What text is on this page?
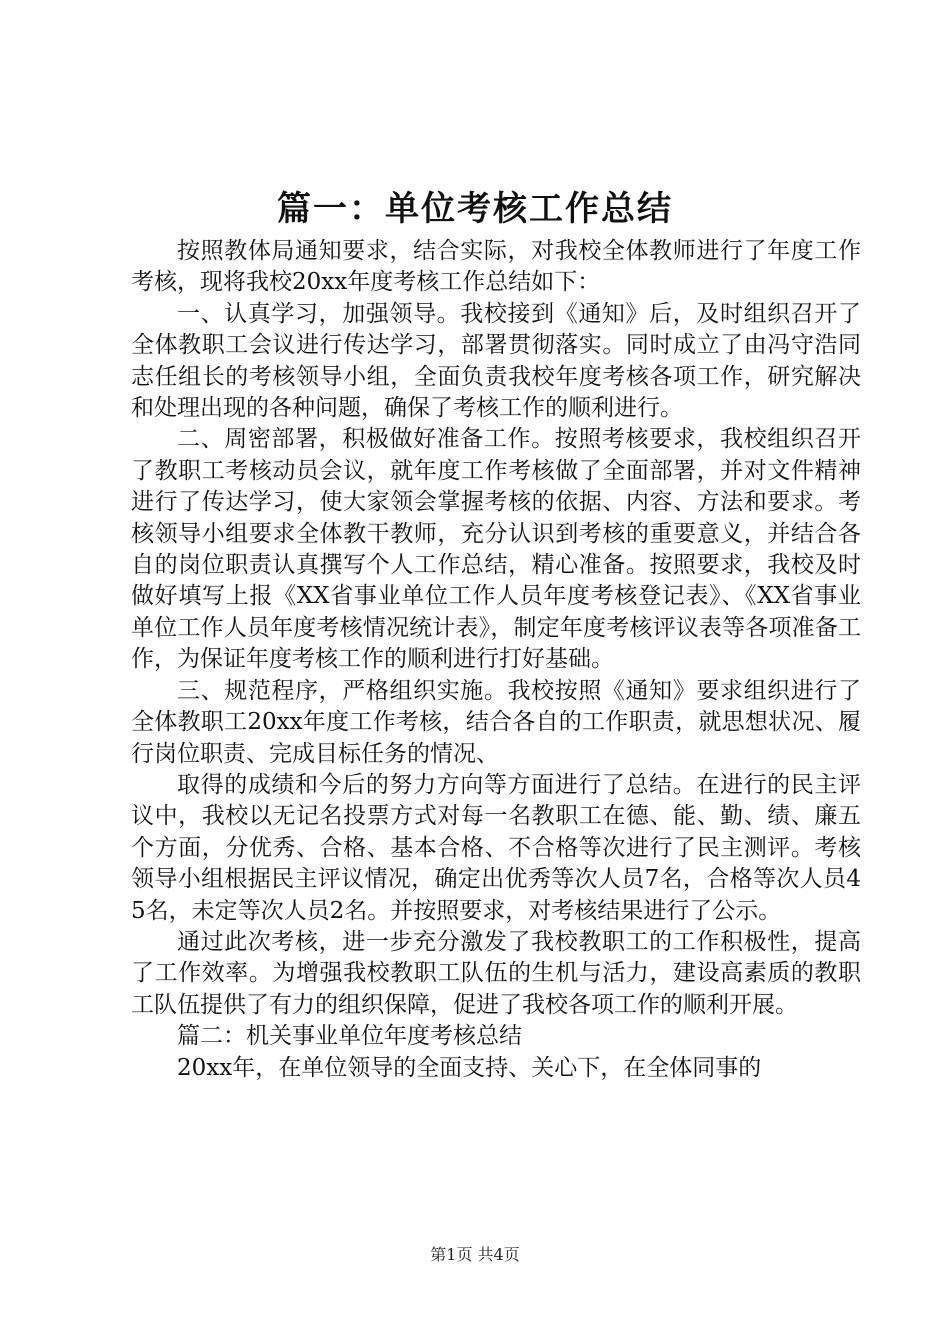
篇一：单位考核工作总结

按照教体局通知要求，结合实际，对我校全体教师进行了年度工作考核，现将我校20xx年度考核工作总结如下：

一、认真学习，加强领导。我校接到《通知》后，及时组织召开了全体教职工会议进行传达学习，部署贯彻落实。同时成立了由冯守浩同志任组长的考核领导小组，全面负责我校年度考核各项工作，研究解决和处理出现的各种问题，确保了考核工作的顺利进行。

二、周密部署，积极做好准备工作。按照考核要求，我校组织召开了教职工考核动员会议，就年度工作考核做了全面部署，并对文件精神进行了传达学习，使大家领会掌握考核的依据、内容、方法和要求。考核领导小组要求全体教干教师，充分认识到考核的重要意义，并结合各自的岗位职责认真撰写个人工作总结，精心准备。按照要求，我校及时做好填写上报《XX省事业单位工作人员年度考核登记表》、《XX省事业单位工作人员年度考核情况统计表》，制定年度考核评议表等各项准备工作，为保证年度考核工作的顺利进行打好基础。

三、规范程序，严格组织实施。我校按照《通知》要求组织进行了全体教职工20xx年度工作考核，结合各自的工作职责，就思想状况、履行岗位职责、完成目标任务的情况、

取得的成绩和今后的努力方向等方面进行了总结。在进行的民主评议中，我校以无记名投票方式对每一名教职工在德、能、勤、绩、廉五个方面，分优秀、合格、基本合格、不合格等次进行了民主测评。考核领导小组根据民主评议情况，确定出优秀等次人员7名，合格等次人员45名，未定等次人员2名。并按照要求，对考核结果进行了公示。

通过此次考核，进一步充分激发了我校教职工的工作积极性，提高了工作效率。为增强我校教职工队伍的生机与活力，建设高素质的教职工队伍提供了有力的组织保障，促进了我校各项工作的顺利开展。

篇二：机关事业单位年度考核总结

20xx年，在单位领导的全面支持、关心下，在全体同事的

第1页 共4页
